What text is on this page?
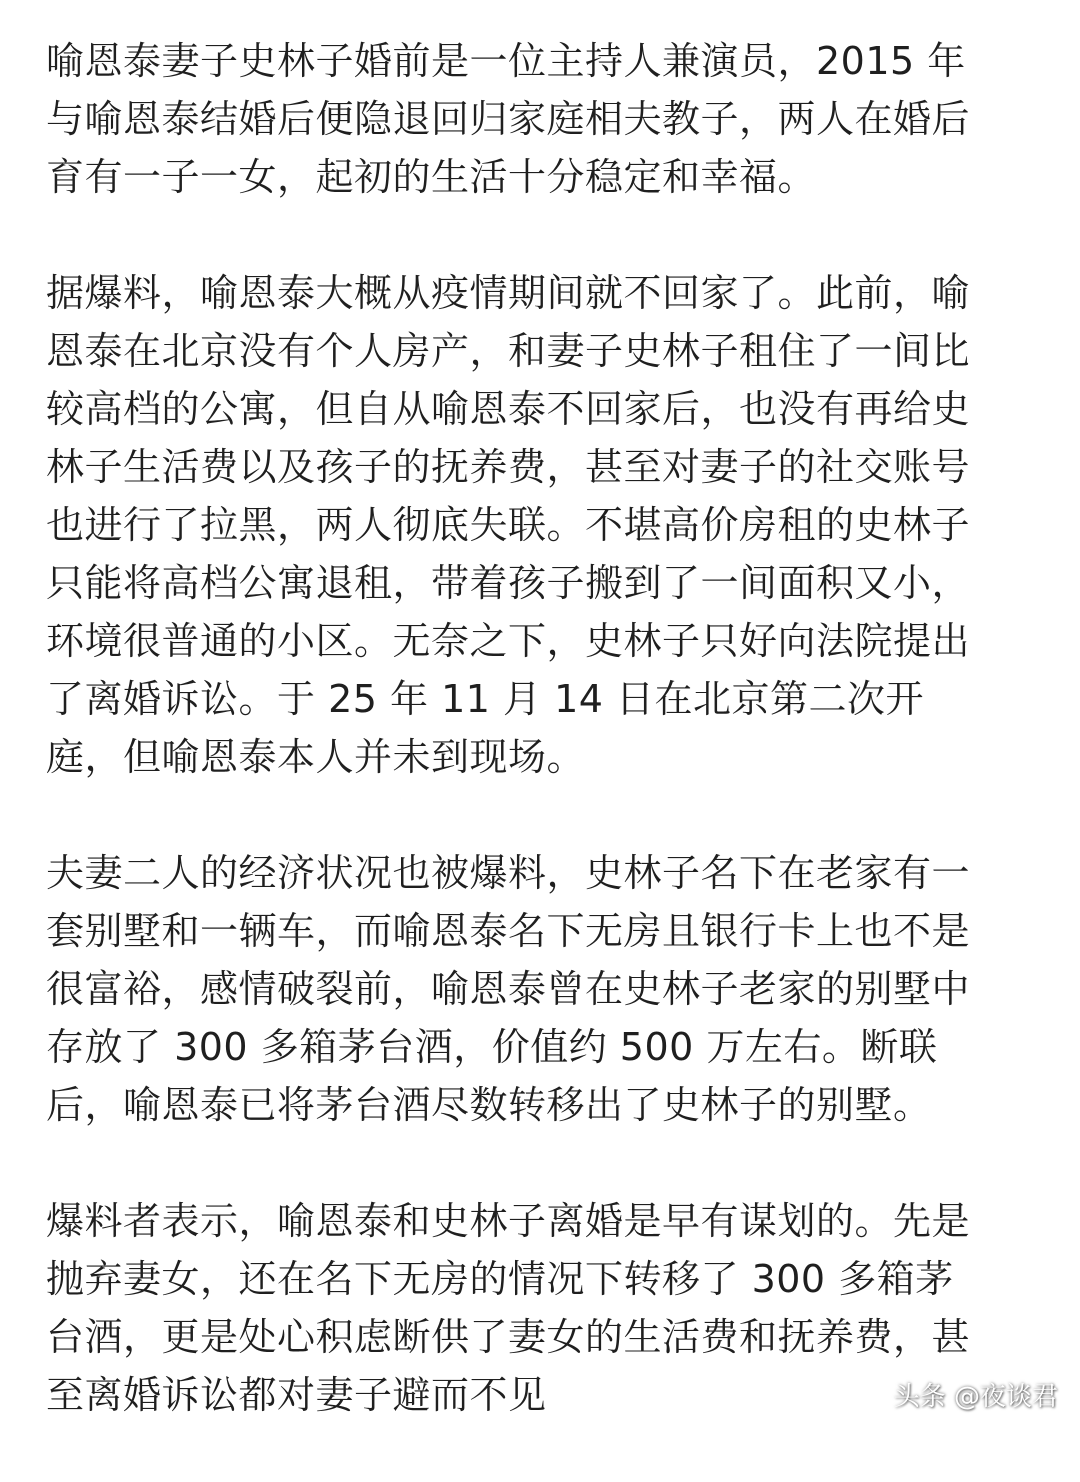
喻恩泰妻子史林子婚前是一位主持人兼演员，2015 年
与喻恩泰结婚后便隐退回归家庭相夫教子，两人在婚后
育有一子一女，起初的生活十分稳定和幸福。
据爆料，喻恩泰大概从疫情期间就不回家了。此前，喻
恩泰在北京没有个人房产，和妻子史林子租住了一间比
较高档的公寓，但自从喻恩泰不回家后，也没有再给史
林子生活费以及孩子的抚养费，甚至对妻子的社交账号
也进行了拉黑，两人彻底失联。不堪高价房租的史林子
只能将高档公寓退租，带着孩子搬到了一间面积又小，
环境很普通的小区。无奈之下，史林子只好向法院提出
了离婚诉讼。于 25 年 11 月 14 日在北京第二次开
庭，但喻恩泰本人并未到现场。
夫妻二人的经济状况也被爆料，史林子名下在老家有一
套别墅和一辆车，而喻恩泰名下无房且银行卡上也不是
很富裕，感情破裂前，喻恩泰曾在史林子老家的别墅中
存放了 300 多箱茅台酒，价值约 500 万左右。断联
后，喻恩泰已将茅台酒尽数转移出了史林子的别墅。
爆料者表示，喻恩泰和史林子离婚是早有谋划的。先是
抛弃妻女，还在名下无房的情况下转移了 300 多箱茅
台酒，更是处心积虑断供了妻女的生活费和抚养费，甚
至离婚诉讼都对妻子避而不见	头条 @夜谈君
